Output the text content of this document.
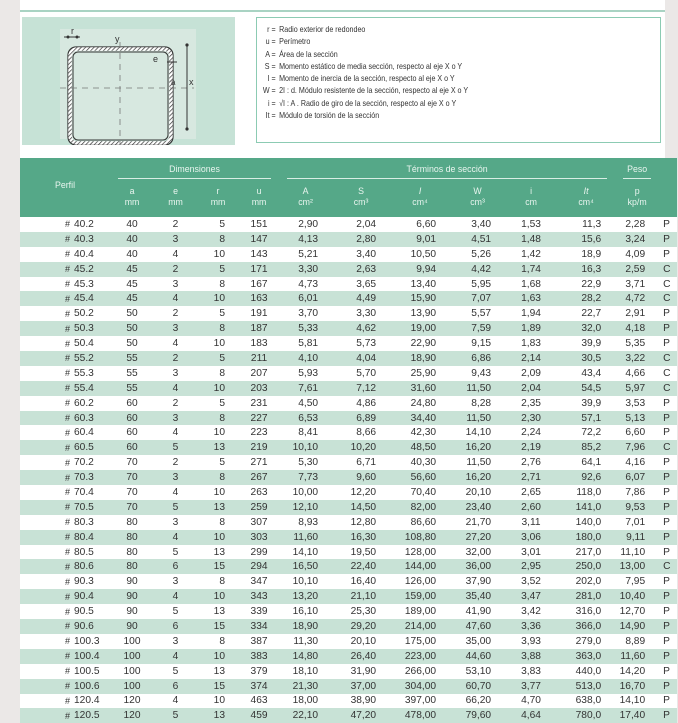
r
y
e
a x
r = Radio exterior de redondeo
u = Perímetro
A = Área de la sección
S = Momento estático de media sección, respecto al eje X o Y
I = Momento de inercia de la sección, respecto al eje X o Y
W = 2I : d. Módulo resistente de la sección, respecto al eje X o Y
i = √I : A . Radio de giro de la sección, respecto al eje X o Y
It = Módulo de torsión de la sección
Perfil		Dimensiones				Términos de sección						Peso	
		a	e	r	u	A	S	I	W	i	It	p	
		mm	mm	mm	mm	cm²	cm³	cm⁴	cm³	cm	cm⁴	kp/m	
#	40.2	40	2	5	151	2,90	2,04	6,60	3,40	1,53	11,3	2,28	P
#	40.3	40	3	8	147	4,13	2,80	9,01	4,51	1,48	15,6	3,24	P
#	40.4	40	4	10	143	5,21	3,40	10,50	5,26	1,42	18,9	4,09	P
#	45.2	45	2	5	171	3,30	2,63	9,94	4,42	1,74	16,3	2,59	C
#	45.3	45	3	8	167	4,73	3,65	13,40	5,95	1,68	22,9	3,71	C
#	45.4	45	4	10	163	6,01	4,49	15,90	7,07	1,63	28,2	4,72	C
#	50.2	50	2	5	191	3,70	3,30	13,90	5,57	1,94	22,7	2,91	P
#	50.3	50	3	8	187	5,33	4,62	19,00	7,59	1,89	32,0	4,18	P
#	50.4	50	4	10	183	5,81	5,73	22,90	9,15	1,83	39,9	5,35	P
#	55.2	55	2	5	211	4,10	4,04	18,90	6,86	2,14	30,5	3,22	C
#	55.3	55	3	8	207	5,93	5,70	25,90	9,43	2,09	43,4	4,66	C
#	55.4	55	4	10	203	7,61	7,12	31,60	11,50	2,04	54,5	5,97	C
#	60.2	60	2	5	231	4,50	4,86	24,80	8,28	2,35	39,9	3,53	P
#	60.3	60	3	8	227	6,53	6,89	34,40	11,50	2,30	57,1	5,13	P
#	60.4	60	4	10	223	8,41	8,66	42,30	14,10	2,24	72,2	6,60	P
#	60.5	60	5	13	219	10,10	10,20	48,50	16,20	2,19	85,2	7,96	C
#	70.2	70	2	5	271	5,30	6,71	40,30	11,50	2,76	64,1	4,16	P
#	70.3	70	3	8	267	7,73	9,60	56,60	16,20	2,71	92,6	6,07	P
#	70.4	70	4	10	263	10,00	12,20	70,40	20,10	2,65	118,0	7,86	P
#	70.5	70	5	13	259	12,10	14,50	82,00	23,40	2,60	141,0	9,53	P
#	80.3	80	3	8	307	8,93	12,80	86,60	21,70	3,11	140,0	7,01	P
#	80.4	80	4	10	303	11,60	16,30	108,80	27,20	3,06	180,0	9,11	P
#	80.5	80	5	13	299	14,10	19,50	128,00	32,00	3,01	217,0	11,10	P
#	80.6	80	6	15	294	16,50	22,40	144,00	36,00	2,95	250,0	13,00	C
#	90.3	90	3	8	347	10,10	16,40	126,00	37,90	3,52	202,0	7,95	P
#	90.4	90	4	10	343	13,20	21,10	159,00	35,40	3,47	281,0	10,40	P
#	90.5	90	5	13	339	16,10	25,30	189,00	41,90	3,42	316,0	12,70	P
#	90.6	90	6	15	334	18,90	29,20	214,00	47,60	3,36	366,0	14,90	P
#	100.3	100	3	8	387	11,30	20,10	175,00	35,00	3,93	279,0	8,89	P
#	100.4	100	4	10	383	14,80	26,40	223,00	44,60	3,88	363,0	11,60	P
#	100.5	100	5	13	379	18,10	31,90	266,00	53,10	3,83	440,0	14,20	P
#	100.6	100	6	15	374	21,30	37,00	304,00	60,70	3,77	513,0	16,70	P
#	120.4	120	4	10	463	18,00	38,90	397,00	66,20	4,70	638,0	14,10	P
#	120.5	120	5	13	459	22,10	47,20	478,00	79,60	4,64	780,0	17,40	P
